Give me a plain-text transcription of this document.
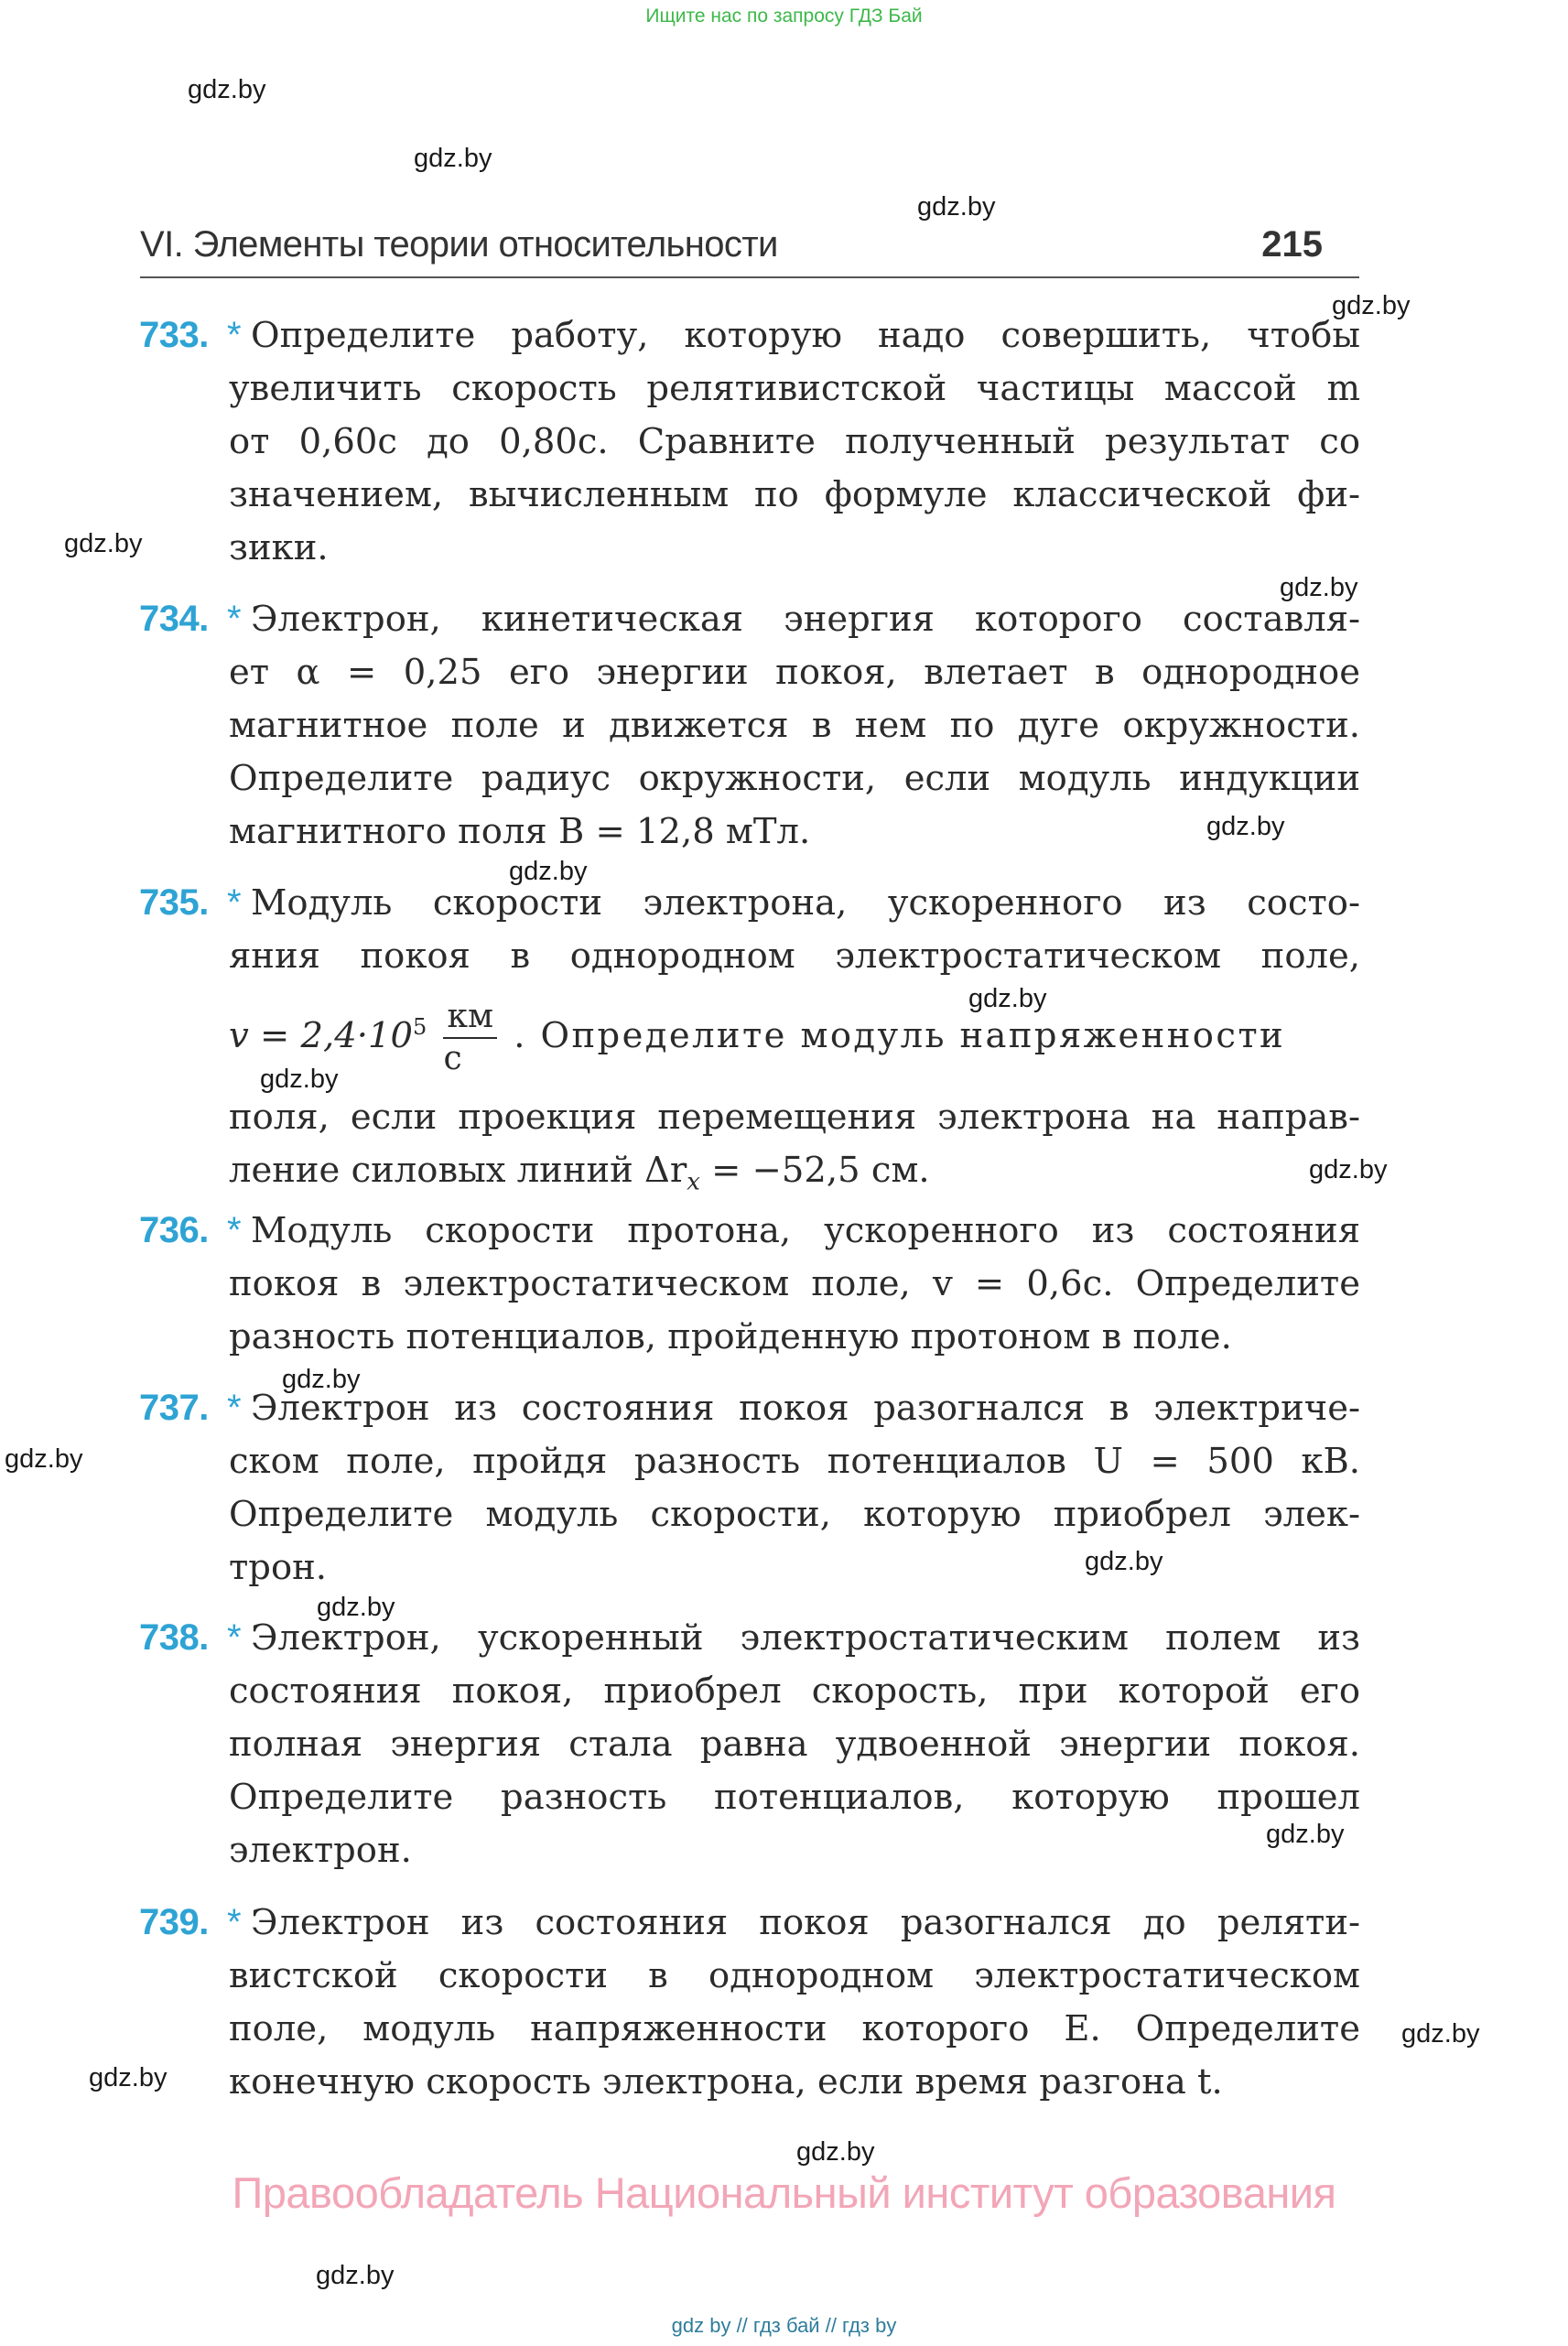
Ищите нас по запросу ГДЗ Бай
gdz.by
gdz.by
gdz.by
gdz.by
gdz.by
gdz.by
gdz.by
gdz.by
gdz.by
gdz.by
gdz.by
gdz.by
gdz.by
gdz.by
gdz.by
gdz.by
gdz.by
gdz.by
gdz.by
gdz.by
VI. Элементы теории относительности	215
733. * Определите работу, которую надо совершить, чтобы
увеличить скорость релятивистской частицы массой m
от 0,60c до 0,80c. Сравните полученный результат со
значением, вычисленным по формуле классической фи-
зики.
734. * Электрон, кинетическая энергия которого составля-
ет α = 0,25 его энергии покоя, влетает в однородное
магнитное поле и движется в нем по дуге окружности.
Определите радиус окружности, если модуль индукции
магнитного поля B = 12,8 мТл.
735. * Модуль скорости электрона, ускоренного из состо-
яния покоя в однородном электростатическом поле,
$v = 2,4\cdot 10^5 \frac{км}{с}$ . Определите модуль напряженности
поля, если проекция перемещения электрона на направ-
ление силовых линий $\Delta r_x = -52,5$ см.
736. * Модуль скорости протона, ускоренного из состояния
покоя в электростатическом поле, v = 0,6c. Определите
разность потенциалов, пройденную протоном в поле.
737. * Электрон из состояния покоя разогнался в электриче-
ском поле, пройдя разность потенциалов U = 500 кВ.
Определите модуль скорости, которую приобрел элек-
трон.
738. * Электрон, ускоренный электростатическим полем из
состояния покоя, приобрел скорость, при которой его
полная энергия стала равна удвоенной энергии покоя.
Определите разность потенциалов, которую прошел
электрон.
739. * Электрон из состояния покоя разогнался до реляти-
вистской скорости в однородном электростатическом
поле, модуль напряженности которого E. Определите
конечную скорость электрона, если время разгона t.
Правообладатель Национальный институт образования
gdz by // гдз бай // гдз by
